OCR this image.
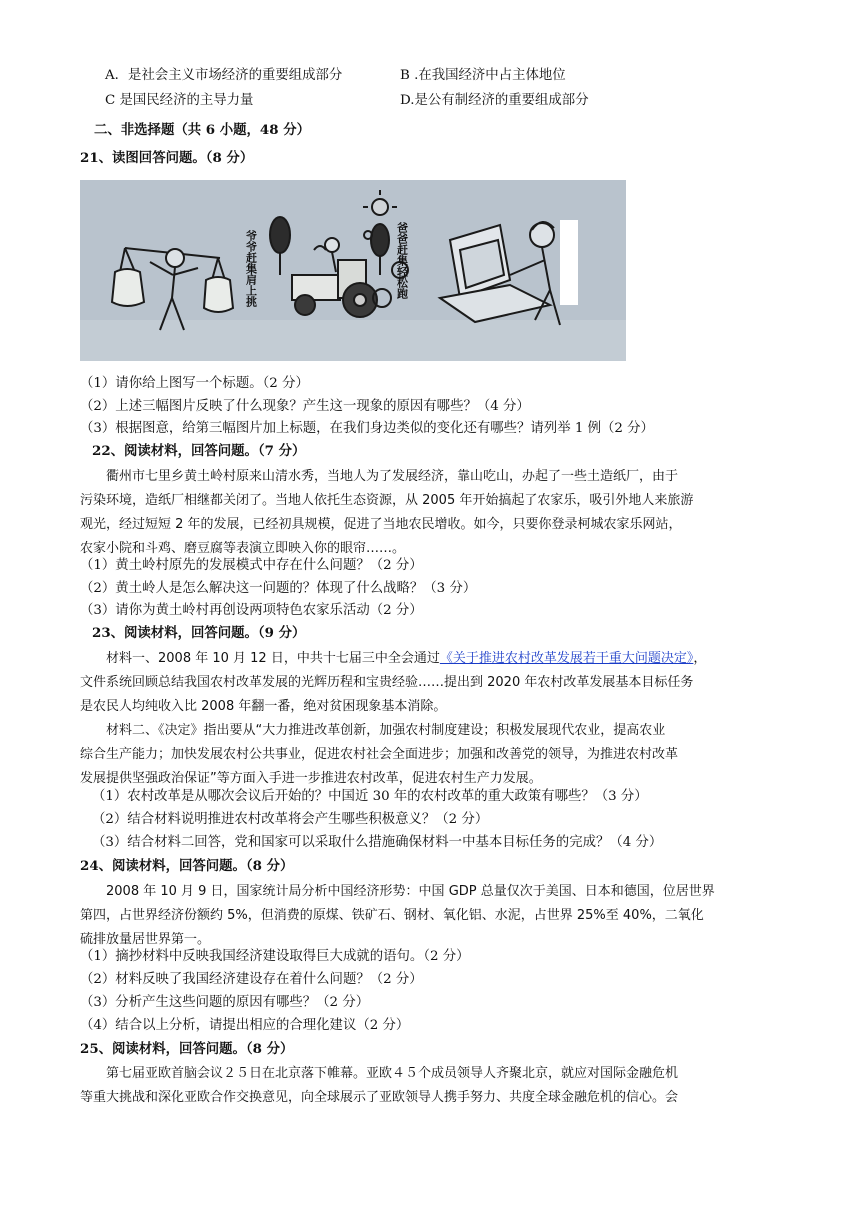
A．是社会主义市场经济的重要组成部分	B .在我国经济中占主体地位
C 是国民经济的主导力量	D.是公有制经济的重要组成部分
二、非选择题（共 6 小题，48 分）
21、读图回答问题。（8 分）
爷爷赶集肩上挑	爸爸赶集轻松跑
（1）请你给上图写一个标题。（2 分）
（2）上述三幅图片反映了什么现象？产生这一现象的原因有哪些？（4 分）
（3）根据图意，给第三幅图片加上标题，在我们身边类似的变化还有哪些？请列举 1 例（2 分）
22、阅读材料，回答问题。（7 分）
衢州市七里乡黄土岭村原来山清水秀，当地人为了发展经济，靠山吃山，办起了一些土造纸厂，由于
污染环境，造纸厂相继都关闭了。当地人依托生态资源，从 2005 年开始搞起了农家乐，吸引外地人来旅游
观光，经过短短 2 年的发展，已经初具规模，促进了当地农民增收。如今，只要你登录柯城农家乐网站，
农家小院和斗鸡、磨豆腐等表演立即映入你的眼帘……。
（1）黄土岭村原先的发展模式中存在什么问题？（2 分）
（2）黄土岭人是怎么解决这一问题的？体现了什么战略？（3 分）
（3）请你为黄土岭村再创设两项特色农家乐活动（2 分）
23、阅读材料，回答问题。（9 分）
材料一、2008 年 10 月 12 日，中共十七届三中全会通过《关于推进农村改革发展若干重大问题决定》，
文件系统回顾总结我国农村改革发展的光辉历程和宝贵经验……提出到 2020 年农村改革发展基本目标任务
是农民人均纯收入比 2008 年翻一番，绝对贫困现象基本消除。
材料二、《决定》指出要从“大力推进改革创新，加强农村制度建设；积极发展现代农业，提高农业
综合生产能力；加快发展农村公共事业，促进农村社会全面进步；加强和改善党的领导，为推进农村改革
发展提供坚强政治保证”等方面入手进一步推进农村改革，促进农村生产力发展。
（1）农村改革是从哪次会议后开始的？中国近 30 年的农村改革的重大政策有哪些？（3 分）
（2）结合材料说明推进农村改革将会产生哪些积极意义？（2 分）
（3）结合材料二回答，党和国家可以采取什么措施确保材料一中基本目标任务的完成？（4 分）
24、阅读材料，回答问题。（8 分）
2008 年 10 月 9 日，国家统计局分析中国经济形势：中国 GDP 总量仅次于美国、日本和德国，位居世界
第四，占世界经济份额约 5%，但消费的原煤、铁矿石、钢材、氧化铝、水泥，占世界 25%至 40%，二氧化
硫排放量居世界第一。
（1）摘抄材料中反映我国经济建设取得巨大成就的语句。（2 分）
（2）材料反映了我国经济建设存在着什么问题？（2 分）
（3）分析产生这些问题的原因有哪些？（2 分）
（4）结合以上分析，请提出相应的合理化建议（2 分）
25、阅读材料，回答问题。（8 分）
第七届亚欧首脑会议２５日在北京落下帷幕。亚欧４５个成员领导人齐聚北京，就应对国际金融危机
等重大挑战和深化亚欧合作交换意见，向全球展示了亚欧领导人携手努力、共度全球金融危机的信心。会
